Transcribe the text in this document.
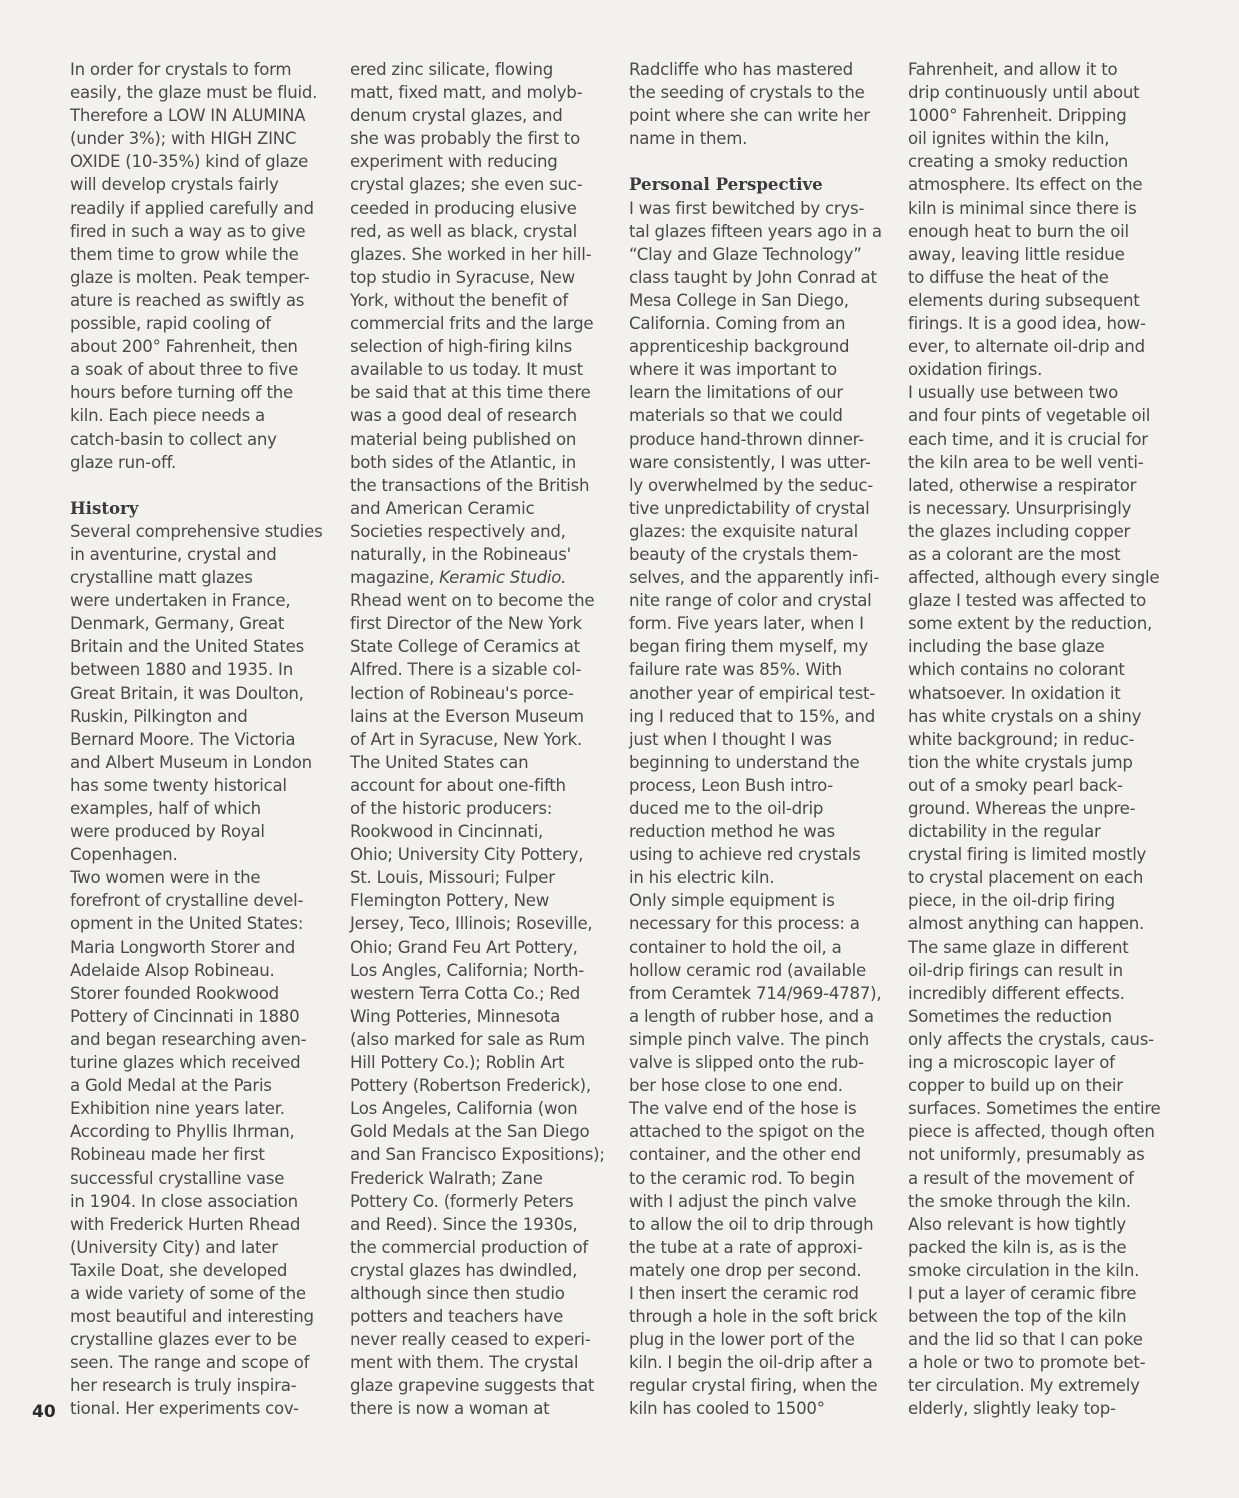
In order for crystals to form
easily, the glaze must be fluid.
Therefore a LOW IN ALUMINA
(under 3%); with HIGH ZINC
OXIDE (10-35%) kind of glaze
will develop crystals fairly
readily if applied carefully and
fired in such a way as to give
them time to grow while the
glaze is molten. Peak temper-
ature is reached as swiftly as
possible, rapid cooling of
about 200° Fahrenheit, then
a soak of about three to five
hours before turning off the
kiln. Each piece needs a
catch-basin to collect any
glaze run-off.
History
Several comprehensive studies
in aventurine, crystal and
crystalline matt glazes
were undertaken in France,
Denmark, Germany, Great
Britain and the United States
between 1880 and 1935. In
Great Britain, it was Doulton,
Ruskin, Pilkington and
Bernard Moore. The Victoria
and Albert Museum in London
has some twenty historical
examples, half of which
were produced by Royal
Copenhagen.
Two women were in the
forefront of crystalline devel-
opment in the United States:
Maria Longworth Storer and
Adelaide Alsop Robineau.
Storer founded Rookwood
Pottery of Cincinnati in 1880
and began researching aven-
turine glazes which received
a Gold Medal at the Paris
Exhibition nine years later.
According to Phyllis Ihrman,
Robineau made her first
successful crystalline vase
in 1904. In close association
with Frederick Hurten Rhead
(University City) and later
Taxile Doat, she developed
a wide variety of some of the
most beautiful and interesting
crystalline glazes ever to be
seen. The range and scope of
her research is truly inspira-
tional. Her experiments cov-
ered zinc silicate, flowing
matt, fixed matt, and molyb-
denum crystal glazes, and
she was probably the first to
experiment with reducing
crystal glazes; she even suc-
ceeded in producing elusive
red, as well as black, crystal
glazes. She worked in her hill-
top studio in Syracuse, New
York, without the benefit of
commercial frits and the large
selection of high-firing kilns
available to us today. It must
be said that at this time there
was a good deal of research
material being published on
both sides of the Atlantic, in
the transactions of the British
and American Ceramic
Societies respectively and,
naturally, in the Robineaus'
magazine, Keramic Studio.
Rhead went on to become the
first Director of the New York
State College of Ceramics at
Alfred. There is a sizable col-
lection of Robineau's porce-
lains at the Everson Museum
of Art in Syracuse, New York.
The United States can
account for about one-fifth
of the historic producers:
Rookwood in Cincinnati,
Ohio; University City Pottery,
St. Louis, Missouri; Fulper
Flemington Pottery, New
Jersey, Teco, Illinois; Roseville,
Ohio; Grand Feu Art Pottery,
Los Angles, California; North-
western Terra Cotta Co.; Red
Wing Potteries, Minnesota
(also marked for sale as Rum
Hill Pottery Co.); Roblin Art
Pottery (Robertson Frederick),
Los Angeles, California (won
Gold Medals at the San Diego
and San Francisco Expositions);
Frederick Walrath; Zane
Pottery Co. (formerly Peters
and Reed). Since the 1930s,
the commercial production of
crystal glazes has dwindled,
although since then studio
potters and teachers have
never really ceased to experi-
ment with them. The crystal
glaze grapevine suggests that
there is now a woman at
Radcliffe who has mastered
the seeding of crystals to the
point where she can write her
name in them.
Personal Perspective
I was first bewitched by crys-
tal glazes fifteen years ago in a
“Clay and Glaze Technology”
class taught by John Conrad at
Mesa College in San Diego,
California. Coming from an
apprenticeship background
where it was important to
learn the limitations of our
materials so that we could
produce hand-thrown dinner-
ware consistently, I was utter-
ly overwhelmed by the seduc-
tive unpredictability of crystal
glazes: the exquisite natural
beauty of the crystals them-
selves, and the apparently infi-
nite range of color and crystal
form. Five years later, when I
began firing them myself, my
failure rate was 85%. With
another year of empirical test-
ing I reduced that to 15%, and
just when I thought I was
beginning to understand the
process, Leon Bush intro-
duced me to the oil-drip
reduction method he was
using to achieve red crystals
in his electric kiln.
Only simple equipment is
necessary for this process: a
container to hold the oil, a
hollow ceramic rod (available
from Ceramtek 714/969-4787),
a length of rubber hose, and a
simple pinch valve. The pinch
valve is slipped onto the rub-
ber hose close to one end.
The valve end of the hose is
attached to the spigot on the
container, and the other end
to the ceramic rod. To begin
with I adjust the pinch valve
to allow the oil to drip through
the tube at a rate of approxi-
mately one drop per second.
I then insert the ceramic rod
through a hole in the soft brick
plug in the lower port of the
kiln. I begin the oil-drip after a
regular crystal firing, when the
kiln has cooled to 1500°
Fahrenheit, and allow it to
drip continuously until about
1000° Fahrenheit. Dripping
oil ignites within the kiln,
creating a smoky reduction
atmosphere. Its effect on the
kiln is minimal since there is
enough heat to burn the oil
away, leaving little residue
to diffuse the heat of the
elements during subsequent
firings. It is a good idea, how-
ever, to alternate oil-drip and
oxidation firings.
I usually use between two
and four pints of vegetable oil
each time, and it is crucial for
the kiln area to be well venti-
lated, otherwise a respirator
is necessary. Unsurprisingly
the glazes including copper
as a colorant are the most
affected, although every single
glaze I tested was affected to
some extent by the reduction,
including the base glaze
which contains no colorant
whatsoever. In oxidation it
has white crystals on a shiny
white background; in reduc-
tion the white crystals jump
out of a smoky pearl back-
ground. Whereas the unpre-
dictability in the regular
crystal firing is limited mostly
to crystal placement on each
piece, in the oil-drip firing
almost anything can happen.
The same glaze in different
oil-drip firings can result in
incredibly different effects.
Sometimes the reduction
only affects the crystals, caus-
ing a microscopic layer of
copper to build up on their
surfaces. Sometimes the entire
piece is affected, though often
not uniformly, presumably as
a result of the movement of
the smoke through the kiln.
Also relevant is how tightly
packed the kiln is, as is the
smoke circulation in the kiln.
I put a layer of ceramic fibre
between the top of the kiln
and the lid so that I can poke
a hole or two to promote bet-
ter circulation. My extremely
elderly, slightly leaky top-
40
